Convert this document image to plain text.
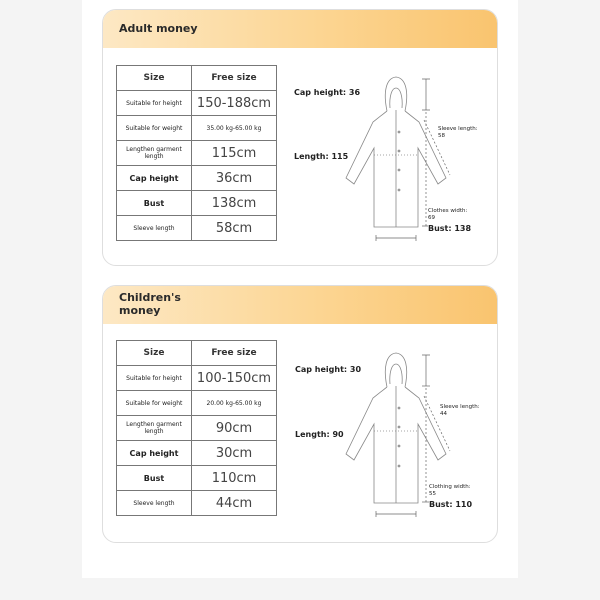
Adult money
Size	Free size
Suitable for height	150-188cm
Suitable for weight	35.00 kg-65.00 kg
Lengthen garment length	115cm
Cap height	36cm
Bust	138cm
Sleeve length	58cm
Cap height: 36
Length: 115
Sleeve length: 58
Clothes width: 69
Bust: 138
Children's money
Size	Free size
Suitable for height	100-150cm
Suitable for weight	20.00 kg-65.00 kg
Lengthen garment length	90cm
Cap height	30cm
Bust	110cm
Sleeve length	44cm
Cap height: 30
Length: 90
Sleeve length: 44
Clothing width: 55
Bust: 110
